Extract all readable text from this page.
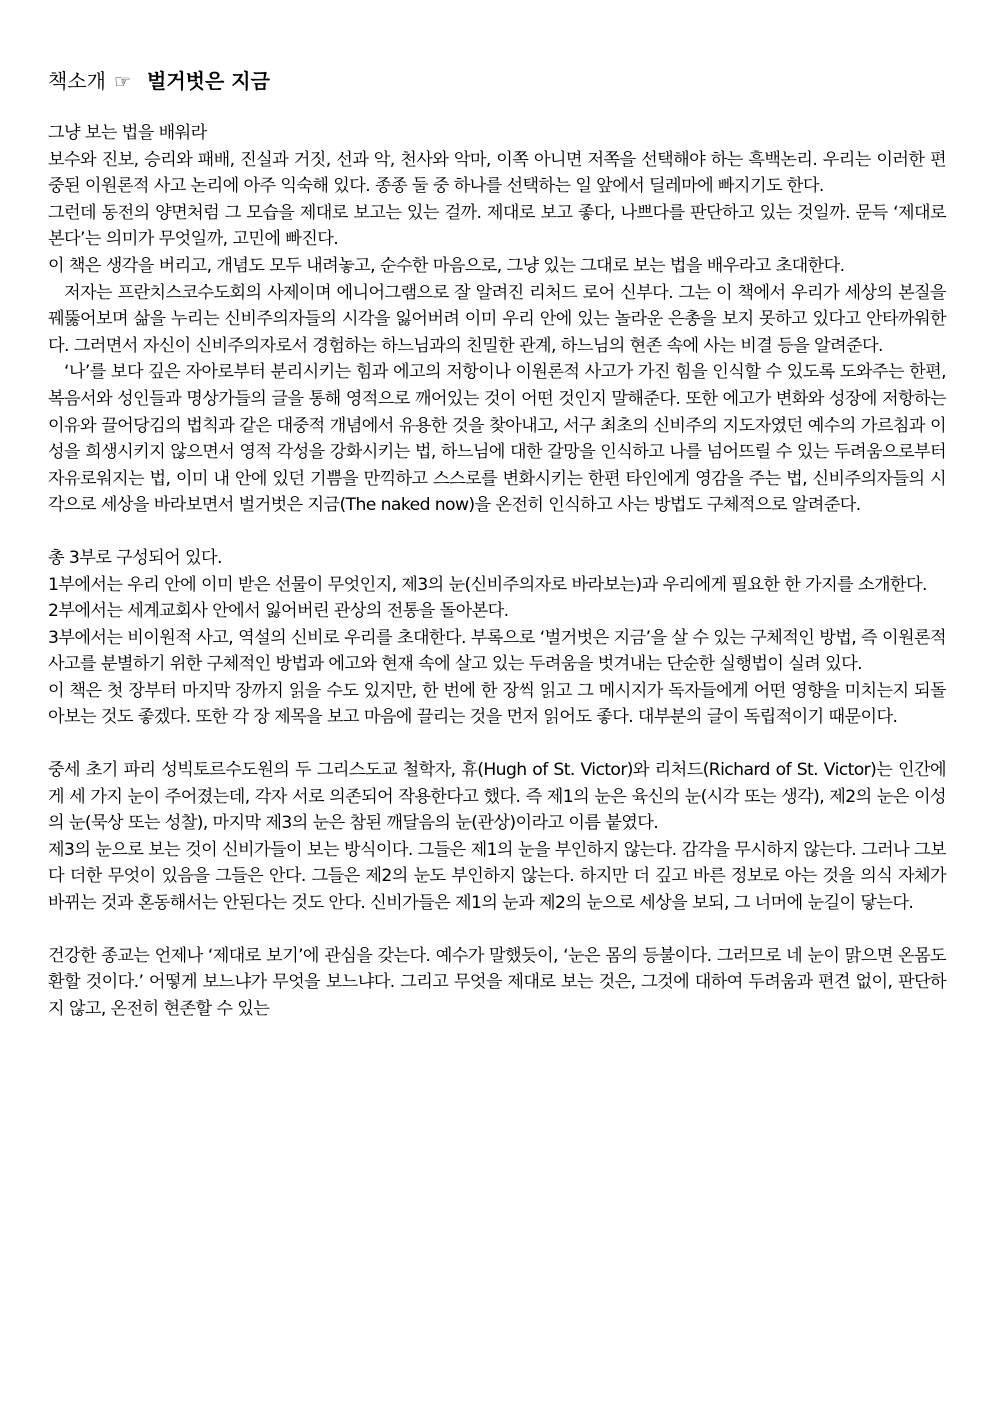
책소개 ☞ 벌거벗은 지금

그냥 보는 법을 배워라

보수와 진보, 승리와 패배, 진실과 거짓, 선과 악, 천사와 악마, 이쪽 아니면 저쪽을 선택해야 하는 흑백논리. 우리는 이러한 편중된 이원론적 사고 논리에 아주 익숙해 있다. 종종 둘 중 하나를 선택하는 일 앞에서 딜레마에 빠지기도 한다.

그런데 동전의 양면처럼 그 모습을 제대로 보고는 있는 걸까. 제대로 보고 좋다, 나쁘다를 판단하고 있는 것일까. 문득 ‘제대로 본다’는 의미가 무엇일까, 고민에 빠진다.

이 책은 생각을 버리고, 개념도 모두 내려놓고, 순수한 마음으로, 그냥 있는 그대로 보는 법을 배우라고 초대한다.

저자는 프란치스코수도회의 사제이며 에니어그램으로 잘 알려진 리처드 로어 신부다. 그는 이 책에서 우리가 세상의 본질을 꿰뚫어보며 삶을 누리는 신비주의자들의 시각을 잃어버려 이미 우리 안에 있는 놀라운 은총을 보지 못하고 있다고 안타까워한다. 그러면서 자신이 신비주의자로서 경험하는 하느님과의 친밀한 관계, 하느님의 현존 속에 사는 비결 등을 알려준다.

‘나’를 보다 깊은 자아로부터 분리시키는 힘과 에고의 저항이나 이원론적 사고가 가진 힘을 인식할 수 있도록 도와주는 한편, 복음서와 성인들과 명상가들의 글을 통해 영적으로 깨어있는 것이 어떤 것인지 말해준다. 또한 에고가 변화와 성장에 저항하는 이유와 끌어당김의 법칙과 같은 대중적 개념에서 유용한 것을 찾아내고, 서구 최초의 신비주의 지도자였던 예수의 가르침과 이성을 희생시키지 않으면서 영적 각성을 강화시키는 법, 하느님에 대한 갈망을 인식하고 나를 넘어뜨릴 수 있는 두려움으로부터 자유로워지는 법, 이미 내 안에 있던 기쁨을 만끽하고 스스로를 변화시키는 한편 타인에게 영감을 주는 법, 신비주의자들의 시각으로 세상을 바라보면서 벌거벗은 지금(The naked now)을 온전히 인식하고 사는 방법도 구체적으로 알려준다.

총 3부로 구성되어 있다.

1부에서는 우리 안에 이미 받은 선물이 무엇인지, 제3의 눈(신비주의자로 바라보는)과 우리에게 필요한 한 가지를 소개한다.

2부에서는 세계교회사 안에서 잃어버린 관상의 전통을 돌아본다.

3부에서는 비이원적 사고, 역설의 신비로 우리를 초대한다. 부록으로 ‘벌거벗은 지금’을 살 수 있는 구체적인 방법, 즉 이원론적 사고를 분별하기 위한 구체적인 방법과 에고와 현재 속에 살고 있는 두려움을 벗겨내는 단순한 실행법이 실려 있다.

이 책은 첫 장부터 마지막 장까지 읽을 수도 있지만, 한 번에 한 장씩 읽고 그 메시지가 독자들에게 어떤 영향을 미치는지 되돌아보는 것도 좋겠다. 또한 각 장 제목을 보고 마음에 끌리는 것을 먼저 읽어도 좋다. 대부분의 글이 독립적이기 때문이다.

중세 초기 파리 성빅토르수도원의 두 그리스도교 철학자, 휴(Hugh of St. Victor)와 리처드(Richard of St. Victor)는 인간에게 세 가지 눈이 주어졌는데, 각자 서로 의존되어 작용한다고 했다. 즉 제1의 눈은 육신의 눈(시각 또는 생각), 제2의 눈은 이성의 눈(묵상 또는 성찰), 마지막 제3의 눈은 참된 깨달음의 눈(관상)이라고 이름 붙였다.

제3의 눈으로 보는 것이 신비가들이 보는 방식이다. 그들은 제1의 눈을 부인하지 않는다. 감각을 무시하지 않는다. 그러나 그보다 더한 무엇이 있음을 그들은 안다. 그들은 제2의 눈도 부인하지 않는다. 하지만 더 깊고 바른 정보로 아는 것을 의식 자체가 바뀌는 것과 혼동해서는 안된다는 것도 안다. 신비가들은 제1의 눈과 제2의 눈으로 세상을 보되, 그 너머에 눈길이 닿는다.

건강한 종교는 언제나 ‘제대로 보기’에 관심을 갖는다. 예수가 말했듯이, ‘눈은 몸의 등불이다. 그러므로 네 눈이 맑으면 온몸도 환할 것이다.’ 어떻게 보느냐가 무엇을 보느냐다. 그리고 무엇을 제대로 보는 것은, 그것에 대하여 두려움과 편견 없이, 판단하지 않고, 온전히 현존할 수 있는
